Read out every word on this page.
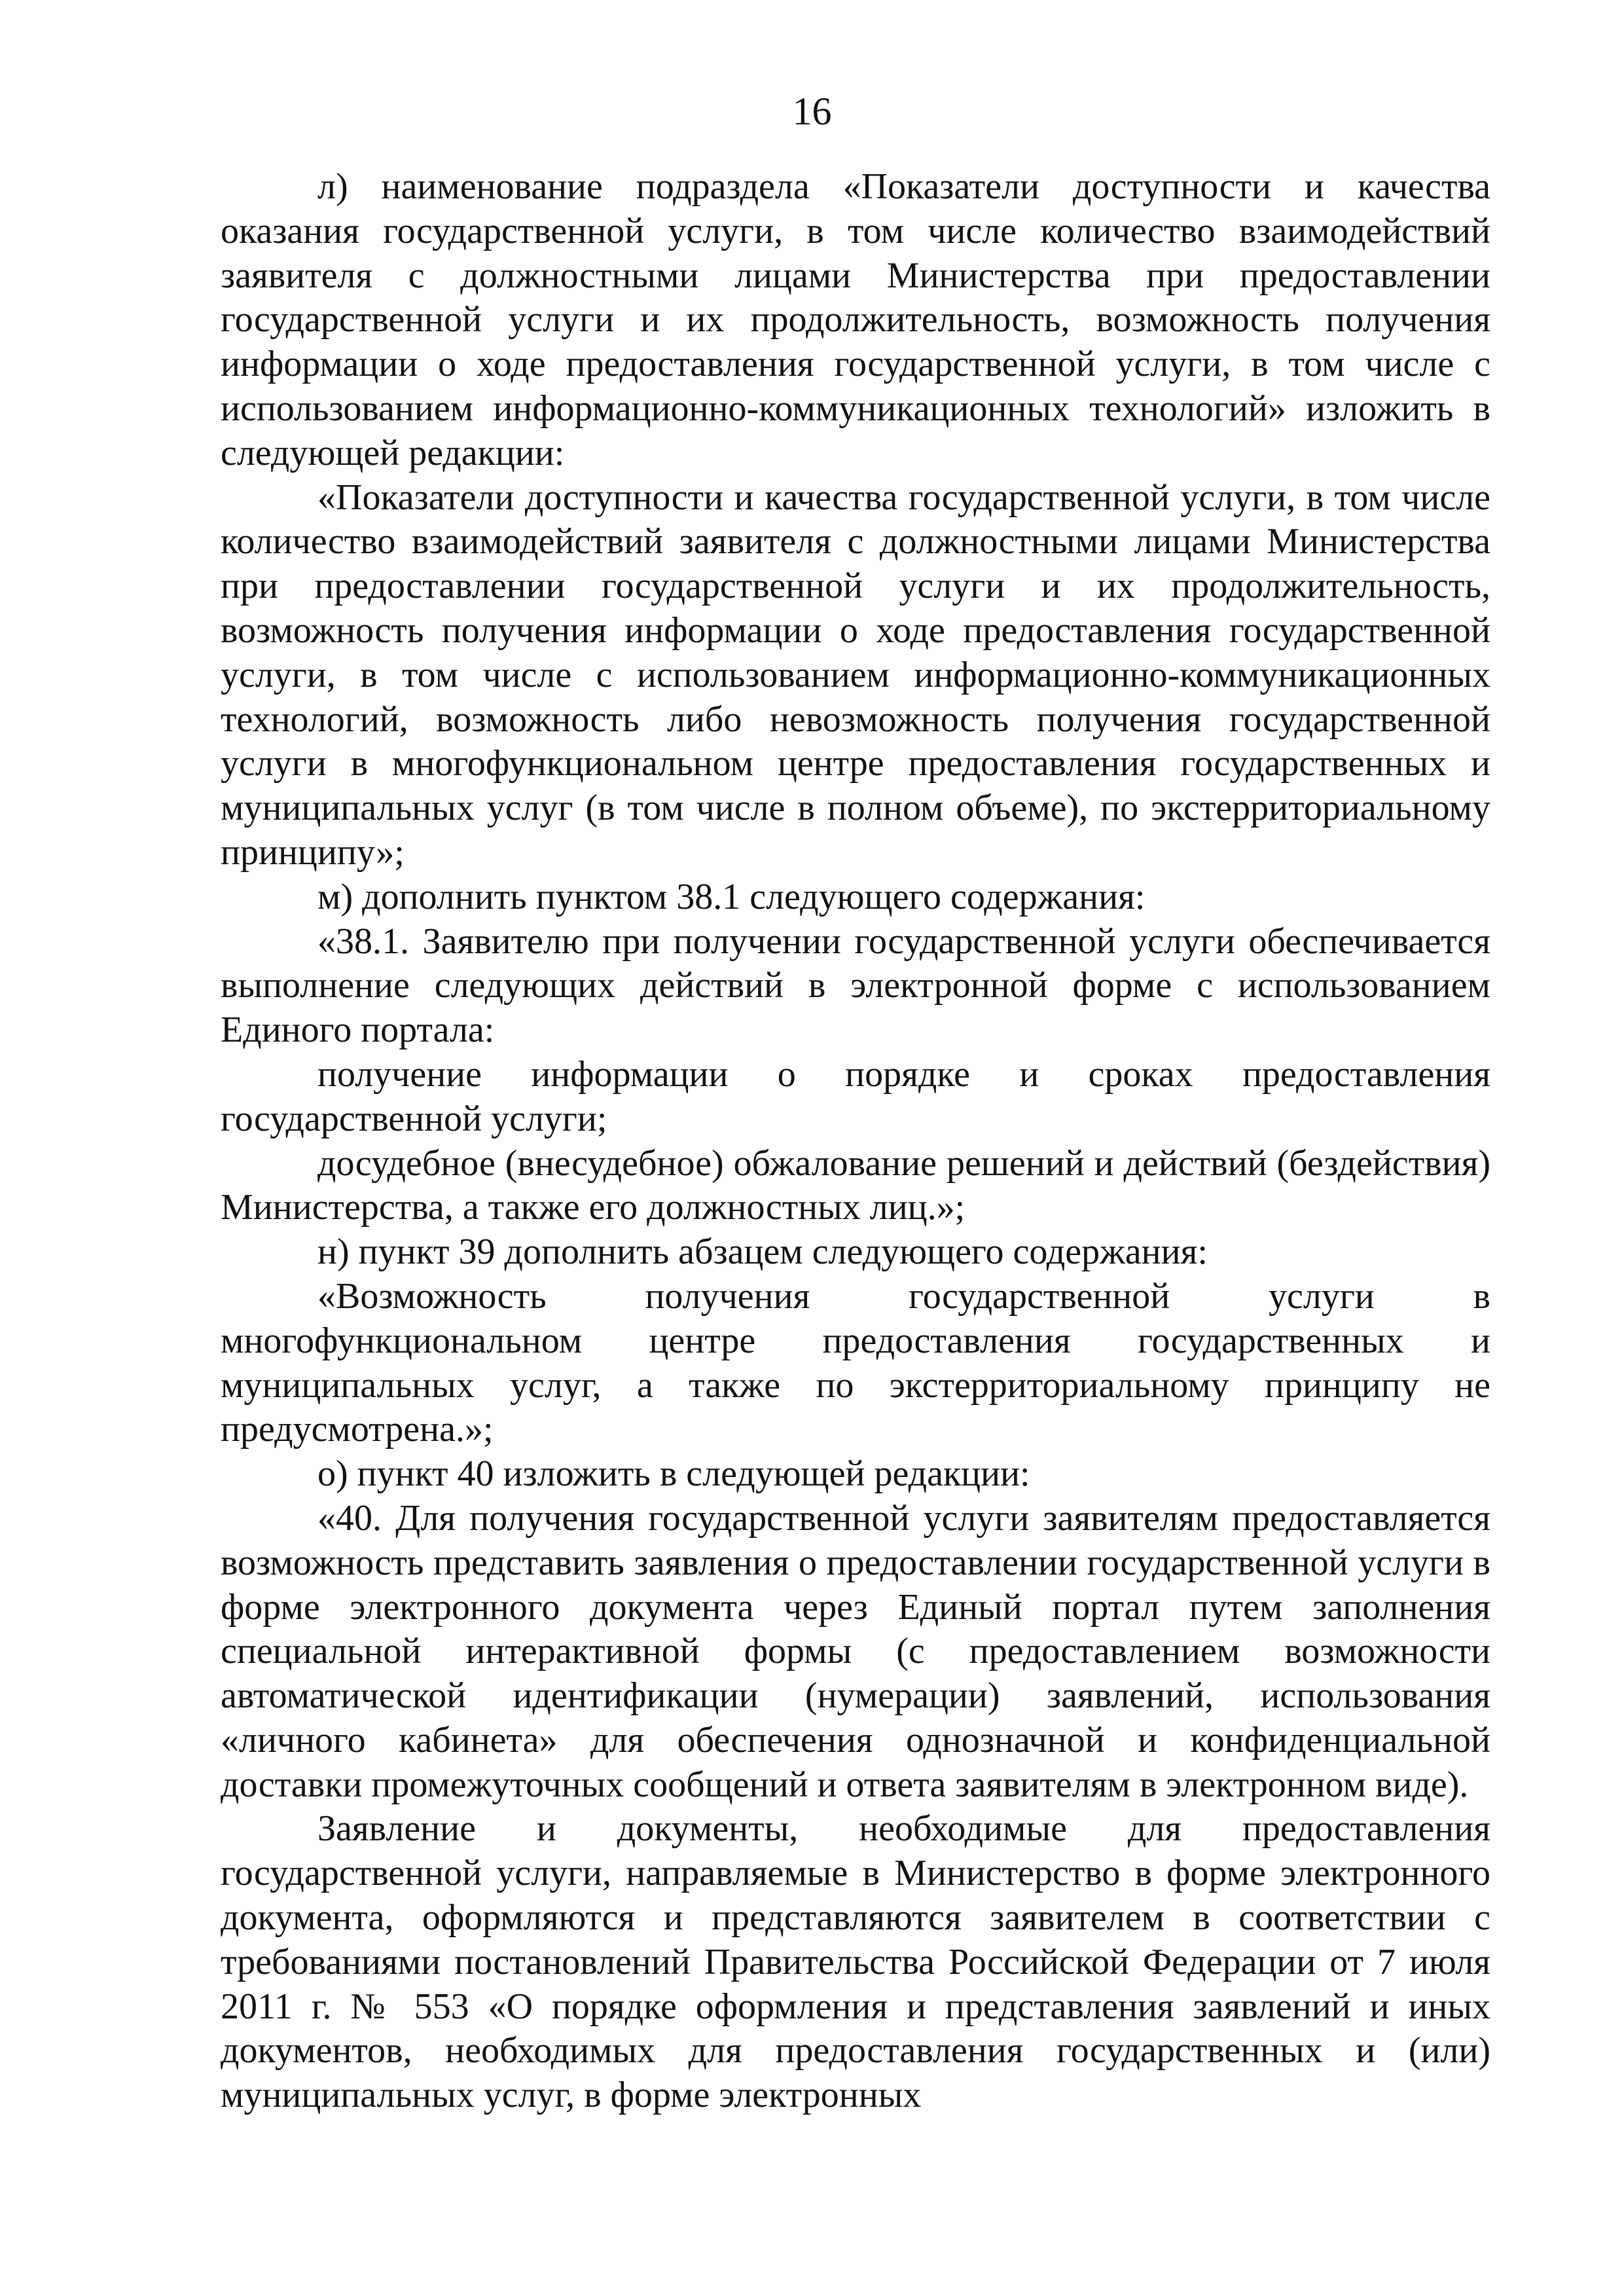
16

л) наименование подраздела «Показатели доступности и качества оказания государственной услуги, в том числе количество взаимодействий заявителя с должностными лицами Министерства при предоставлении государственной услуги и их продолжительность, возможность получения информации о ходе предоставления государственной услуги, в том числе с использованием информационно-коммуникационных технологий» изложить в следующей редакции:

«Показатели доступности и качества государственной услуги, в том числе количество взаимодействий заявителя с должностными лицами Министерства при предоставлении государственной услуги и их продолжительность, возможность получения информации о ходе предоставления государственной услуги, в том числе с использованием информационно-коммуникационных технологий, возможность либо невозможность получения государственной услуги в многофункциональном центре предоставления государственных и муниципальных услуг (в том числе в полном объеме), по экстерриториальному принципу»;

м) дополнить пунктом 38.1 следующего содержания:

«38.1. Заявителю при получении государственной услуги обеспечивается выполнение следующих действий в электронной форме с использованием Единого портала:

получение информации о порядке и сроках предоставления государственной услуги;

досудебное (внесудебное) обжалование решений и действий (бездействия) Министерства, а также его должностных лиц.»;

н) пункт 39 дополнить абзацем следующего содержания:

«Возможность получения государственной услуги в многофункциональном центре предоставления государственных и муниципальных услуг, а также по экстерриториальному принципу не предусмотрена.»;

о) пункт 40 изложить в следующей редакции:

«40. Для получения государственной услуги заявителям предоставляется возможность представить заявления о предоставлении государственной услуги в форме электронного документа через Единый портал путем заполнения специальной интерактивной формы (с предоставлением возможности автоматической идентификации (нумерации) заявлений, использования «личного кабинета» для обеспечения однозначной и конфиденциальной доставки промежуточных сообщений и ответа заявителям в электронном виде).

Заявление и документы, необходимые для предоставления государственной услуги, направляемые в Министерство в форме электронного документа, оформляются и представляются заявителем в соответствии с требованиями постановлений Правительства Российской Федерации от 7 июля 2011 г. № 553 «О порядке оформления и представления заявлений и иных документов, необходимых для предоставления государственных и (или) муниципальных услуг, в форме электронных
